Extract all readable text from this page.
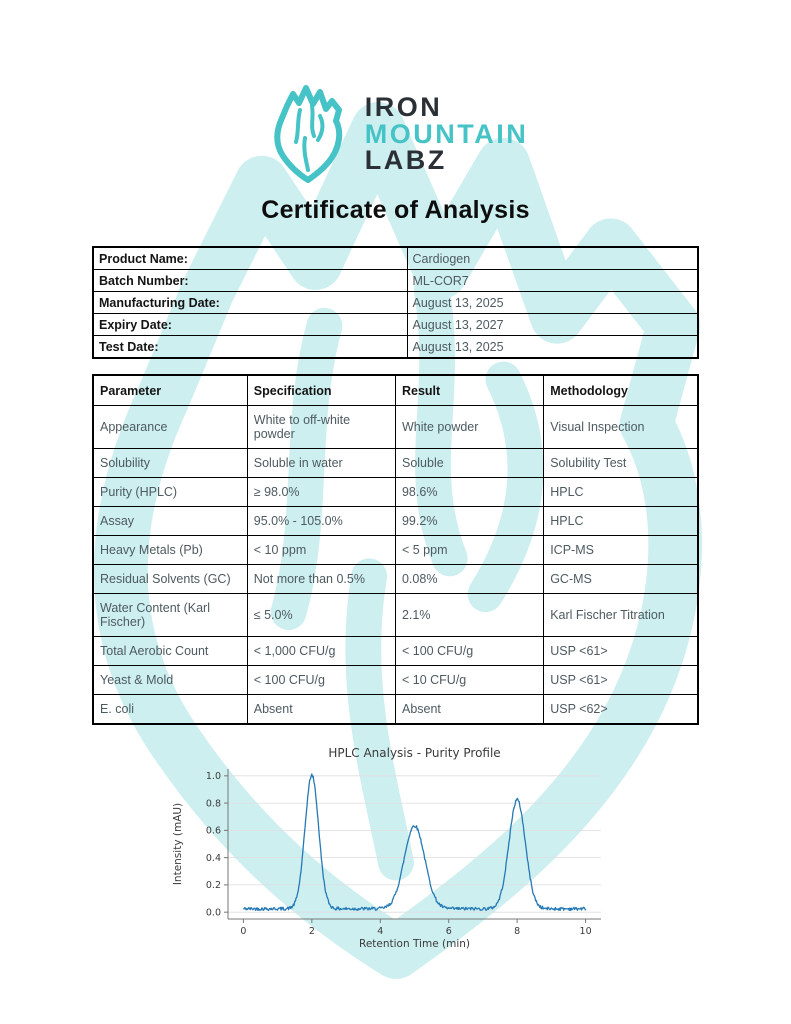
IRON
MOUNTAIN
LABZ
Certificate of Analysis
Product Name:	Cardiogen
Batch Number:	ML-COR7
Manufacturing Date:	August 13, 2025
Expiry Date:	August 13, 2027
Test Date:	August 13, 2025
Parameter	Specification	Result	Methodology
Appearance	White to off-white powder	White powder	Visual Inspection
Solubility	Soluble in water	Soluble	Solubility Test
Purity (HPLC)	≥ 98.0%	98.6%	HPLC
Assay	95.0% - 105.0%	99.2%	HPLC
Heavy Metals (Pb)	< 10 ppm	< 5 ppm	ICP-MS
Residual Solvents (GC)	Not more than 0.5%	0.08%	GC-MS
Water Content (Karl Fischer)	≤ 5.0%	2.1%	Karl Fischer Titration
Total Aerobic Count	< 1,000 CFU/g	< 100 CFU/g	USP <61>
Yeast & Mold	< 100 CFU/g	< 10 CFU/g	USP <61>
E. coli	Absent	Absent	USP <62>
0.0
0.2
0.4
0.6
0.8
1.0
0	2	4	6	8	10
HPLC Analysis - Purity Profile
Retention Time (min)
Intensity (mAU)
